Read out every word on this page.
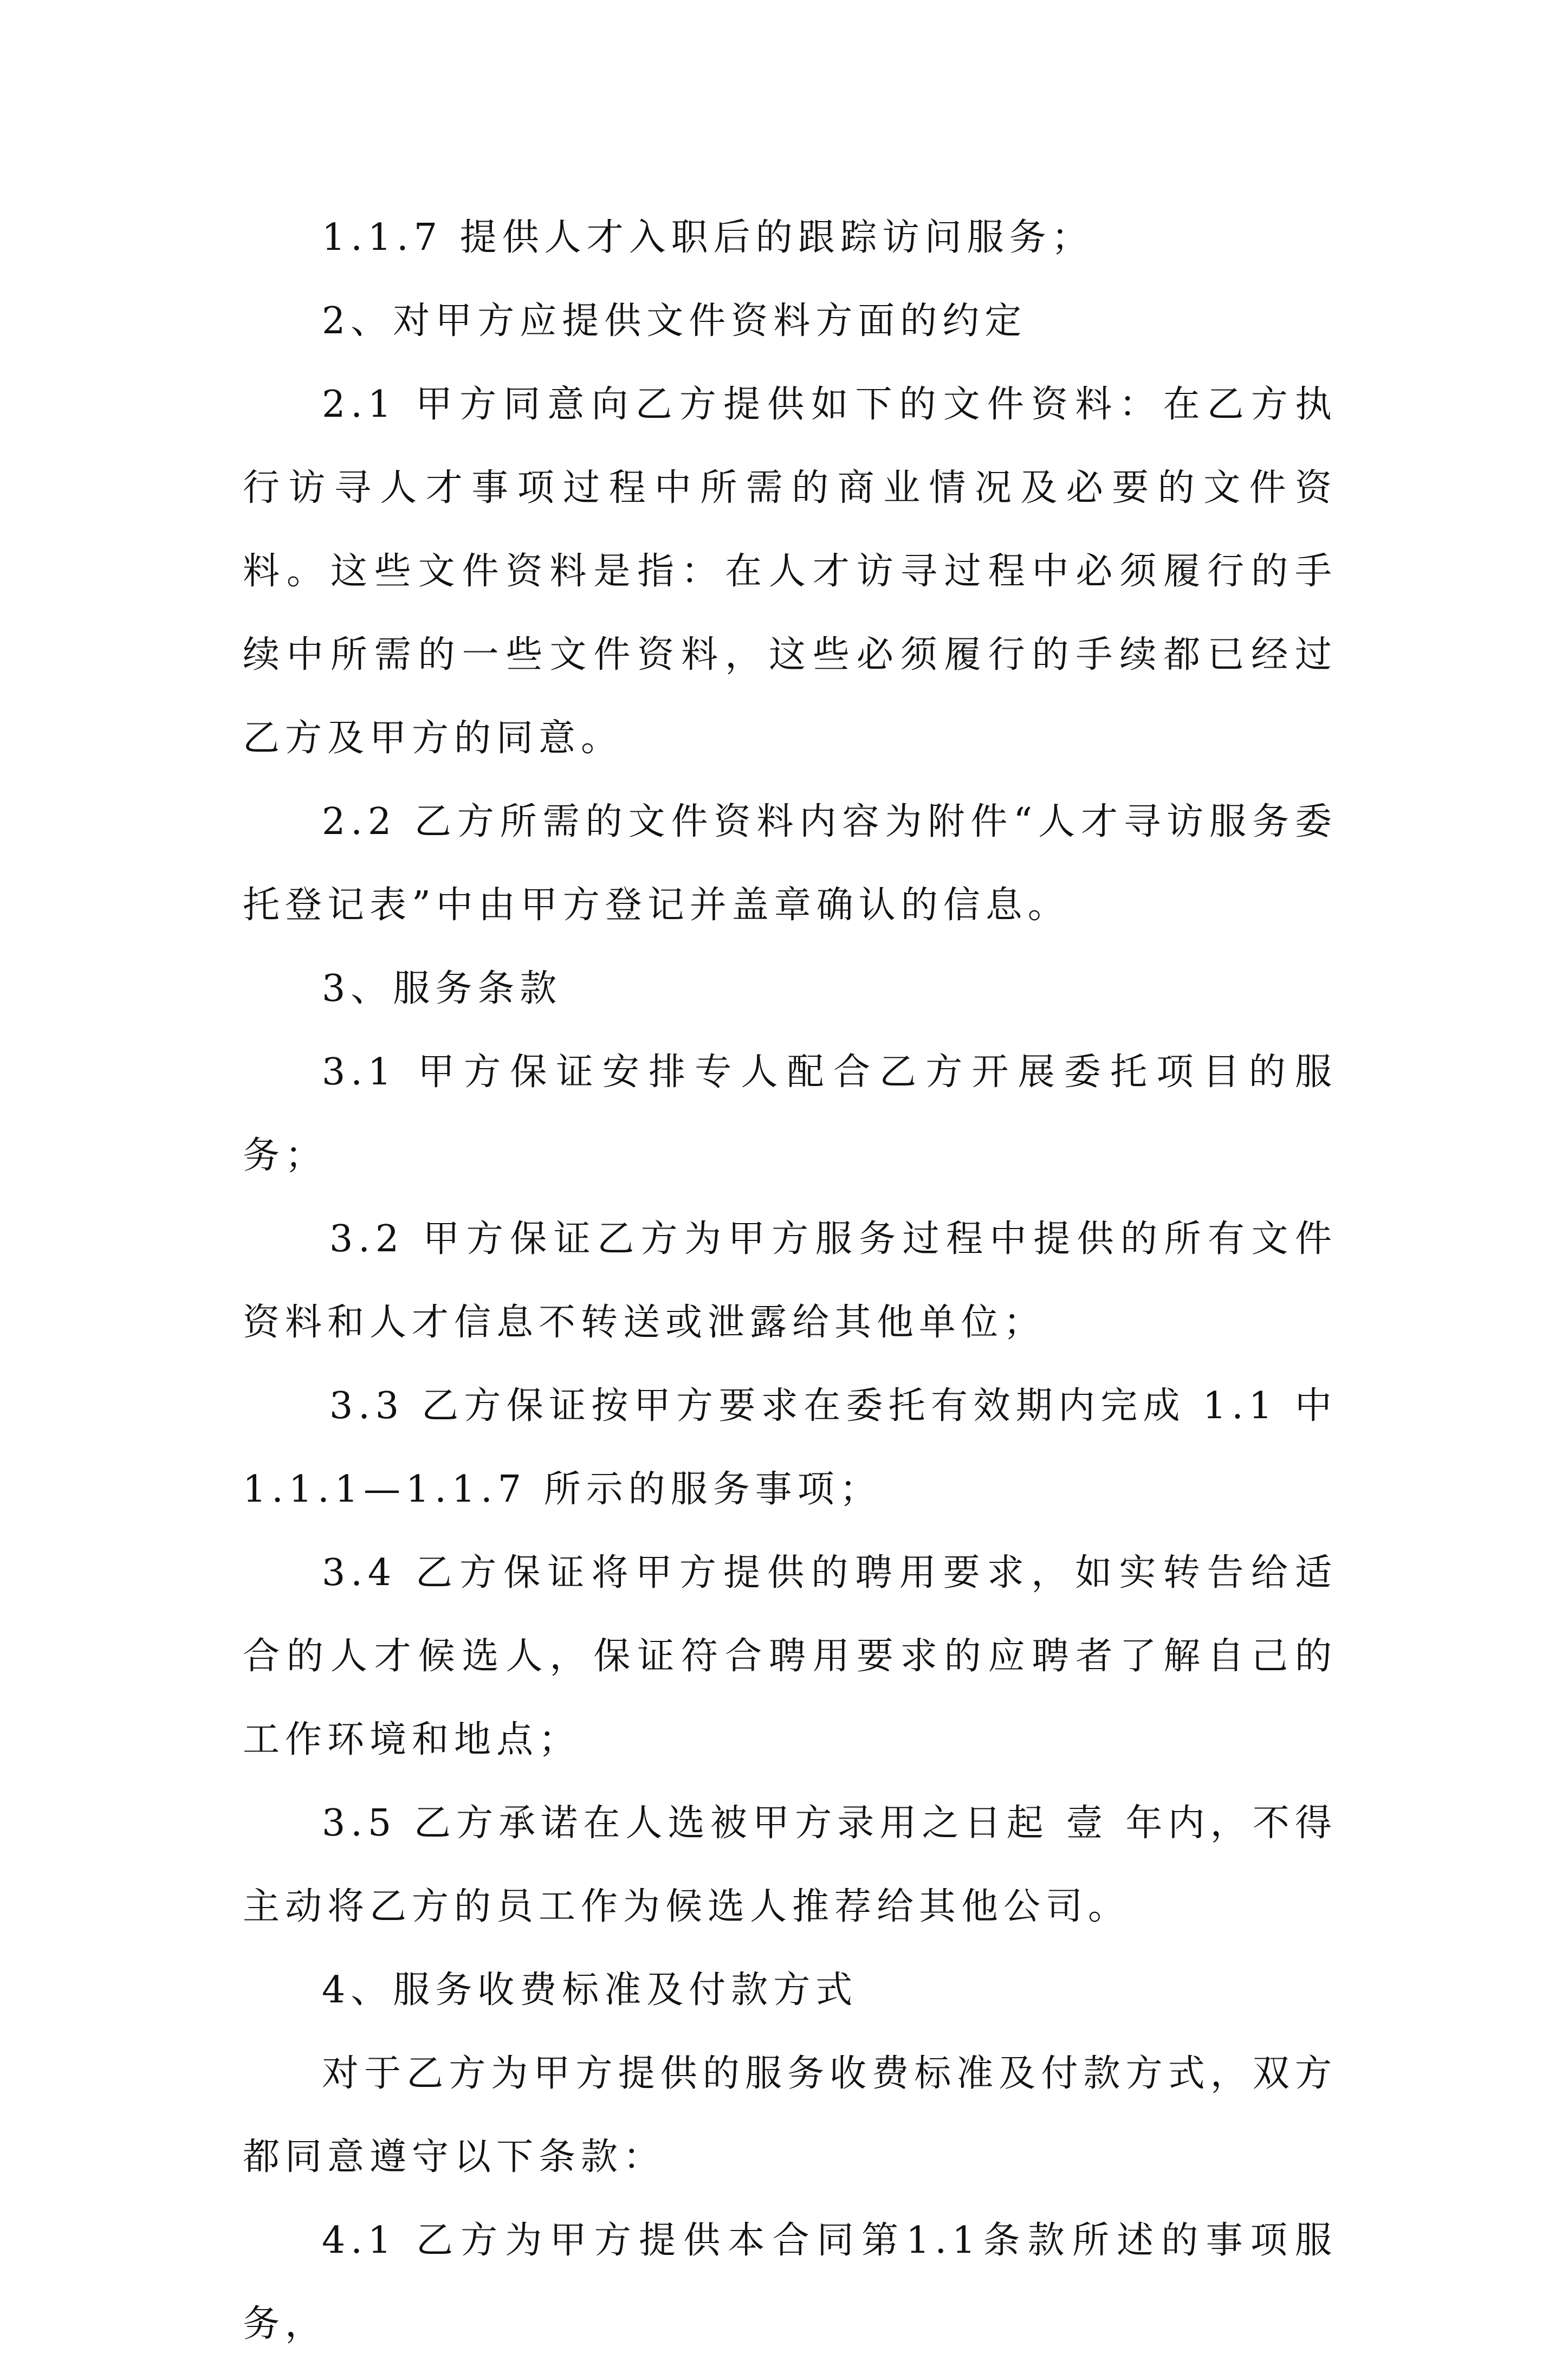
1.1.7 提供人才入职后的跟踪访问服务；

2、对甲方应提供文件资料方面的约定

2.1 甲方同意向乙方提供如下的文件资料：在乙方执行访寻人才事项过程中所需的商业情况及必要的文件资料。这些文件资料是指：在人才访寻过程中必须履行的手续中所需的一些文件资料，这些必须履行的手续都已经过乙方及甲方的同意。

2.2 乙方所需的文件资料内容为附件“人才寻访服务委托登记表”中由甲方登记并盖章确认的信息。

3、服务条款

3.1 甲方保证安排专人配合乙方开展委托项目的服务；

3.2 甲方保证乙方为甲方服务过程中提供的所有文件资料和人才信息不转送或泄露给其他单位；

3.3 乙方保证按甲方要求在委托有效期内完成 1.1 中 1.1.1—1.1.7 所示的服务事项；

3.4 乙方保证将甲方提供的聘用要求，如实转告给适合的人才候选人，保证符合聘用要求的应聘者了解自己的工作环境和地点；

3.5 乙方承诺在人选被甲方录用之日起 壹 年内，不得主动将乙方的员工作为候选人推荐给其他公司。

4、服务收费标准及付款方式

对于乙方为甲方提供的服务收费标准及付款方式，双方都同意遵守以下条款：

4.1 乙方为甲方提供本合同第1.1条款所述的事项服务，
